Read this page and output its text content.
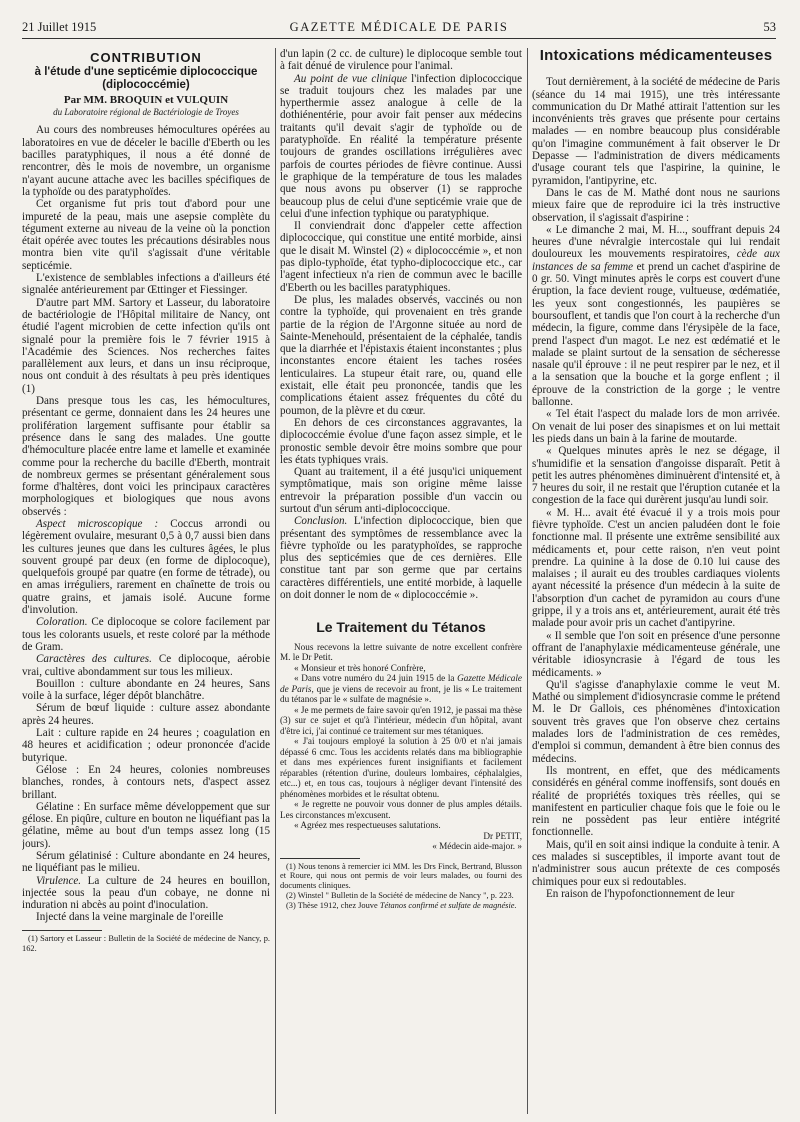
21 Juillet 1915	GAZETTE MÉDICALE DE PARIS	53
CONTRIBUTION
à l'étude d'une septicémie diplococcique (diplococcémie)
Par MM. BROQUIN et VULQUIN
du Laboratoire régional de Bactériologie de Troyes

Au cours des nombreuses hémocultures opérées au laboratoires en vue de déceler le bacille d'Eberth ou les bacilles paratyphiques, il nous a été donné de rencontrer, dès le mois de novembre, un organisme n'ayant aucune attache avec les bacilles spécifiques de la typhoïde ou des paratyphoïdes.

Cet organisme fut pris tout d'abord pour une impureté de la peau, mais une asepsie complète du tégument externe au niveau de la veine où la ponction était opérée avec toutes les précautions désirables nous montra bien vite qu'il s'agissait d'une véritable septicémie.

L'existence de semblables infections a d'ailleurs été signalée antérieurement par Œttinger et Fiessinger.

D'autre part MM. Sartory et Lasseur, du laboratoire de bactériologie de l'Hôpital militaire de Nancy, ont étudié l'agent microbien de cette infection qu'ils ont signalé pour la première fois le 7 février 1915 à l'Académie des Sciences. Nos recherches faites parallèlement aux leurs, et dans un insu réciproque, nous ont conduit à des résultats à peu près identiques (1)

Dans presque tous les cas, les hémocultures, présentant ce germe, donnaient dans les 24 heures une prolifération largement suffisante pour établir sa présence dans le sang des malades. Une goutte d'hémoculture placée entre lame et lamelle et examinée comme pour la recherche du bacille d'Eberth, montrait de nombreux germes se présentant généralement sous forme d'haltères, dont voici les principaux caractères morphologiques et biologiques que nous avons observés :

Aspect microscopique : Coccus arrondi ou légèrement ovulaire, mesurant 0,5 à 0,7 aussi bien dans les cultures jeunes que dans les cultures âgées, le plus souvent groupé par deux (en forme de diplocoque), quelquefois groupé par quatre (en forme de tétrade), ou en amas irréguliers, rarement en chaînette de trois ou quatre grains, et jamais isolé. Aucune forme d'involution.

Coloration. Ce diplocoque se colore facilement par tous les colorants usuels, et reste coloré par la méthode de Gram.

Caractères des cultures. Ce diplocoque, aérobie vrai, cultive abondamment sur tous les milieux.

Bouillon : culture abondante en 24 heures, Sans voile à la surface, léger dépôt blanchâtre.

Sérum de bœuf liquide : culture assez abondante après 24 heures.

Lait : culture rapide en 24 heures ; coagulation en 48 heures et acidification ; odeur prononcée d'acide butyrique.

Gélose : En 24 heures, colonies nombreuses blanches, rondes, à contours nets, d'aspect assez brillant.

Gélatine : En surface même développement que sur gélose. En piqûre, culture en bouton ne liquéfiant pas la gélatine, même au bout d'un temps assez long (15 jours).

Sérum gélatinisé : Culture abondante en 24 heures, ne liquéfiant pas le milieu.

Virulence. La culture de 24 heures en bouillon, injectée sous la peau d'un cobaye, ne donne ni induration ni abcès au point d'inoculation.

Injecté dans la veine marginale de l'oreille

(1) Sartory et Lasseur : Bulletin de la Société de médecine de Nancy, p. 162.

d'un lapin (2 cc. de culture) le diplocoque semble tout à fait dénué de virulence pour l'animal.

Au point de vue clinique l'infection diplococcique se traduit toujours chez les malades par une hyperthermie assez analogue à celle de la dothiénentérie, pour avoir fait penser aux médecins traitants qu'il devait s'agir de typhoïde ou de paratyphoïde. En réalité la température présente toujours de grandes oscillations irrégulières avec parfois de courtes périodes de fièvre continue. Aussi le graphique de la température de tous les malades que nous avons pu observer (1) se rapproche beaucoup plus de celui d'une septicémie vraie que de celui d'une infection typhique ou paratyphique.

Il conviendrait donc d'appeler cette affection diplococcique, qui constitue une entité morbide, ainsi que le disait M. Winstel (2) « diplococcémie », et non pas diplo-typhoïde, état typho-diplococcique etc., car l'agent infectieux n'a rien de commun avec le bacille d'Eberth ou les bacilles paratyphiques.

De plus, les malades observés, vaccinés ou non contre la typhoïde, qui provenaient en très grande partie de la région de l'Argonne située au nord de Sainte-Menehould, présentaient de la céphalée, tandis que la diarrhée et l'épistaxis étaient inconstantes ; plus inconstantes encore étaient les taches rosées lenticulaires. La stupeur était rare, ou, quand elle existait, elle était peu prononcée, tandis que les complications étaient assez fréquentes du côté du poumon, de la plèvre et du cœur.

En dehors de ces circonstances aggravantes, la diplococcémie évolue d'une façon assez simple, et le pronostic semble devoir être moins sombre que pour les états typhiques vrais.

Quant au traitement, il a été jusqu'ici uniquement symptômatique, mais son origine même laisse entrevoir la préparation possible d'un vaccin ou surtout d'un sérum anti-diplococcique.

Conclusion. L'infection diplococcique, bien que présentant des symptômes de ressemblance avec la fièvre typhoïde ou les paratyphoïdes, se rapproche plus des septicémies que de ces dernières. Elle constitue tant par son germe que par certains caractères différentiels, une entité morbide, à laquelle on doit donner le nom de « diplococcémie ».

Le Traitement du Tétanos

Nous recevons la lettre suivante de notre excellent confrère M. le Dr Petit.

« Monsieur et très honoré Confrère,

« Dans votre numéro du 24 juin 1915 de la Gazette Médicale de Paris, que je viens de recevoir au front, je lis « Le traitement du tétanos par le « sulfate de magnésie ».

« Je me permets de faire savoir qu'en 1912, je passai ma thèse (3) sur ce sujet et qu'à l'intérieur, médecin d'un hôpital, avant d'être ici, j'ai continué ce traitement sur mes tétaniques.

« J'ai toujours employé la solution à 25 0/0 et n'ai jamais dépassé 6 cmc. Tous les accidents relatés dans ma bibliographie et dans mes expériences furent insignifiants et facilement réparables (rétention d'urine, douleurs lombaires, céphalalgies, etc...) et, en tous cas, toujours à négliger devant l'intensité des phénomènes morbides et le résultat obtenu.

« Je regrette ne pouvoir vous donner de plus amples détails. Les circonstances m'excusent.

« Agréez mes respectueuses salutations.

Dr PETIT,

« Médecin aide-major. »

(1) Nous tenons à remercier ici MM. les Drs Finck, Bertrand, Blusson et Roure, qui nous ont permis de voir leurs malades, ou fourni des documents cliniques.

(2) Winstel " Bulletin de la Société de médecine de Nancy ", p. 223.

(3) Thèse 1912, chez Jouve Tétanos confirmé et sulfate de magnésie.

Intoxications médicamenteuses

Tout dernièrement, à la société de médecine de Paris (séance du 14 mai 1915), une très intéressante communication du Dr Mathé attirait l'attention sur les inconvénients très graves que présente pour certains malades — en nombre beaucoup plus considérable qu'on l'imagine communément à fait observer le Dr Depasse — l'administration de divers médicaments d'usage courant tels que l'aspirine, la quinine, le pyramidon, l'antipyrine, etc.

Dans le cas de M. Mathé dont nous ne saurions mieux faire que de reproduire ici la très instructive observation, il s'agissait d'aspirine :

« Le dimanche 2 mai, M. H..., souffrant depuis 24 heures d'une névralgie intercostale qui lui rendait douloureux les mouvements respiratoires, cède aux instances de sa femme et prend un cachet d'aspirine de 0 gr. 50. Vingt minutes après le corps est couvert d'une éruption, la face devient rouge, vultueuse, œdématiée, les yeux sont congestionnés, les paupières se boursouflent, et tandis que l'on court à la recherche d'un médecin, la figure, comme dans l'érysipèle de la face, prend l'aspect d'un magot. Le nez est œdématié et le malade se plaint surtout de la sensation de sécheresse nasale qu'il éprouve : il ne peut respirer par le nez, et il a la sensation que la bouche et la gorge enflent ; il éprouve de la constriction de la gorge ; le ventre ballonne.

« Tel était l'aspect du malade lors de mon arrivée. On venait de lui poser des sinapismes et on lui mettait les pieds dans un bain à la farine de moutarde.

« Quelques minutes après le nez se dégage, il s'humidifie et la sensation d'angoisse disparaît. Petit à petit les autres phénomènes diminuèrent d'intensité et, à 7 heures du soir, il ne restait que l'éruption cutanée et la congestion de la face qui durèrent jusqu'au lundi soir.

« M. H... avait été évacué il y a trois mois pour fièvre typhoïde. C'est un ancien paludéen dont le foie fonctionne mal. Il présente une extrême sensibilité aux médicaments et, pour cette raison, n'en veut point prendre. La quinine à la dose de 0.10 lui cause des malaises ; il aurait eu des troubles cardiaques violents ayant nécessité la présence d'un médecin à la suite de l'absorption d'un cachet de pyramidon au cours d'une grippe, il y a trois ans et, antérieurement, aurait été très malade pour avoir pris un cachet d'antipyrine.

« Il semble que l'on soit en présence d'une personne offrant de l'anaphylaxie médicamenteuse générale, une véritable idiosyncrasie à l'égard de tous les médicaments. »

Qu'il s'agisse d'anaphylaxie comme le veut M. Mathé ou simplement d'idiosyncrasie comme le prétend M. le Dr Gallois, ces phénomènes d'intoxication souvent très graves que l'on observe chez certains malades lors de l'administration de ces remèdes, d'emploi si commun, demandent à être bien connus des médecins.

Ils montrent, en effet, que des médicaments considérés en général comme inoffensifs, sont doués en réalité de propriétés toxiques très réelles, qui se manifestent en particulier chaque fois que le foie ou le rein ne possèdent pas leur entière intégrité fonctionnelle.

Mais, qu'il en soit ainsi indique la conduite à tenir. A ces malades si susceptibles, il importe avant tout de n'administrer sous aucun prétexte de ces composés chimiques pour eux si redoutables.

En raison de l'hypofonctionnement de leur
